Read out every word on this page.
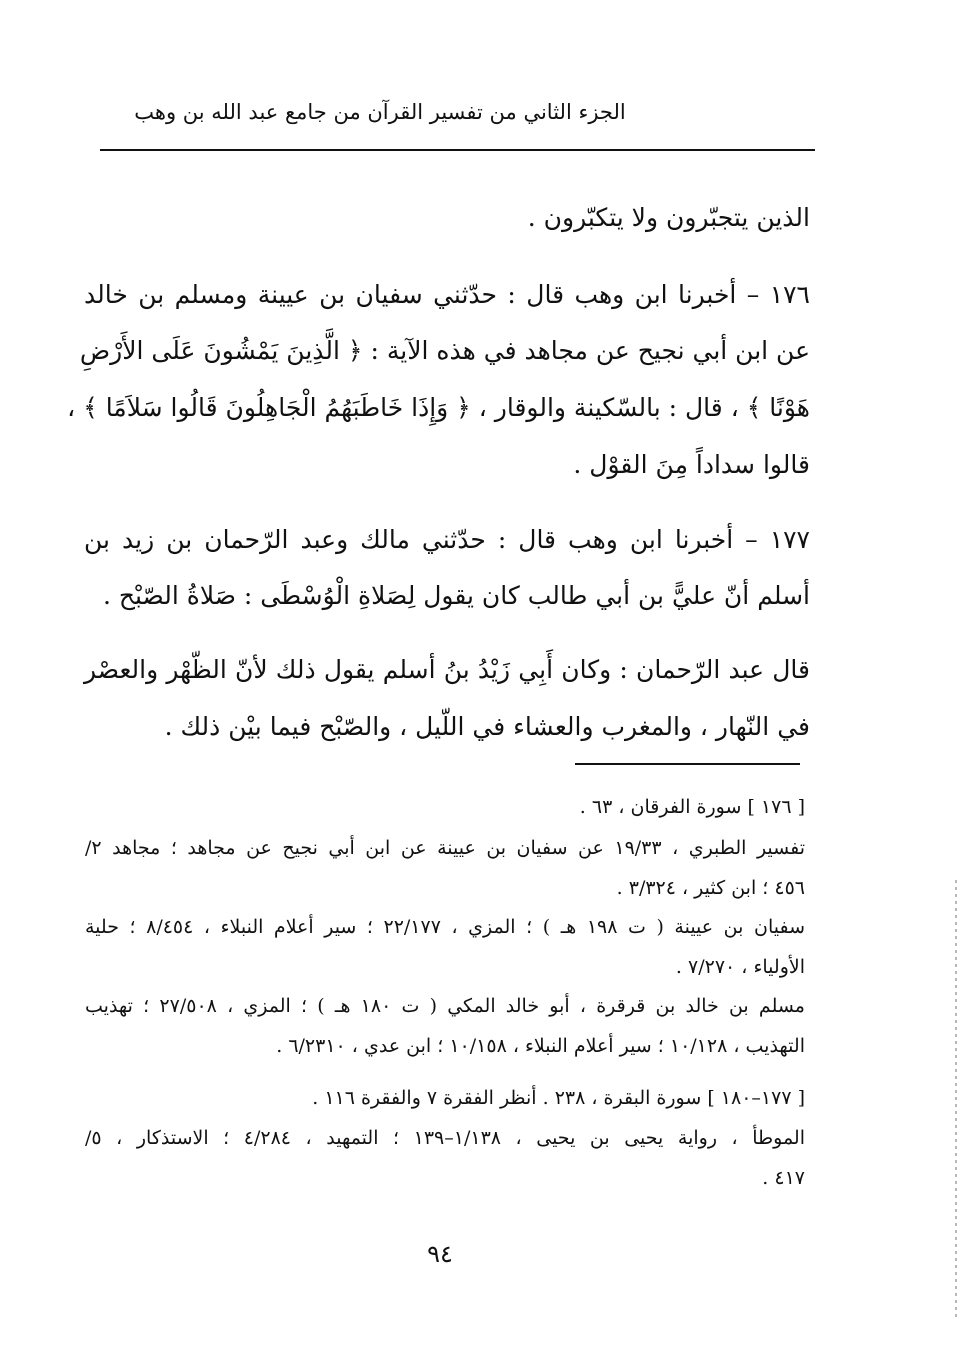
الجزء الثاني من تفسير القرآن من جامع عبد الله بن وهب
الذين يتجبّرون ولا يتكبّرون .
١٧٦ – أخبرنا ابن وهب قال : حدّثني سفيان بن عيينة ومسلم بن خالد
عن ابن أبي نجيح عن مجاهد في هذه الآية : ﴿ الَّذِينَ يَمْشُونَ عَلَى الأَرْضِ
هَوْنًا ﴾ ، قال : بالسّكينة والوقار ، ﴿ وَإِذَا خَاطَبَهُمُ الْجَاهِلُونَ قَالُوا سَلاَمًا ﴾ ،
قالوا سداداً مِنَ القوْل .
١٧٧ – أخبرنا ابن وهب قال : حدّثني مالك وعبد الرّحمان بن زيد بن
أسلم أنّ عليًّ بن أبي طالب كان يقول لِصَلاةِ الْوُسْطَى : صَلاةُ الصّبْح .
قال عبد الرّحمان : وكان أَبِي زَيْدُ بنُ أسلم يقول ذلك لأنّ الظّهْر والعصْر
في النّهار ، والمغرب والعشاء في اللّيل ، والصّبْح فيما بيْن ذلك .
[ ١٧٦ ] سورة الفرقان ، ٦٣ .
تفسير الطبري ، ١٩/٣٣ عن سفيان بن عيينة عن ابن أبي نجيح عن مجاهد ؛ مجاهد ٢/
٤٥٦ ؛ ابن كثير ، ٣/٣٢٤ .
سفيان بن عيينة ( ت ١٩٨ هـ ) ؛ المزي ، ٢٢/١٧٧ ؛ سير أعلام النبلاء ، ٨/٤٥٤ ؛ حلية
الأولياء ، ٧/٢٧٠ .
مسلم بن خالد بن قرقرة ، أبو خالد المكي ( ت ١٨٠ هـ ) ؛ المزي ، ٢٧/٥٠٨ ؛ تهذيب
التهذيب ، ١٠/١٢٨ ؛ سير أعلام النبلاء ، ١٠/١٥٨ ؛ ابن عدي ، ٦/٢٣١٠ .
[ ١٧٧–١٨٠ ] سورة البقرة ، ٢٣٨ . أنظر الفقرة ٧ والفقرة ١١٦ .
الموطأ ، رواية يحيى بن يحيى ، ١/١٣٨–١٣٩ ؛ التمهيد ، ٤/٢٨٤ ؛ الاستذكار ، ٥/
٤١٧ .
٩٤
